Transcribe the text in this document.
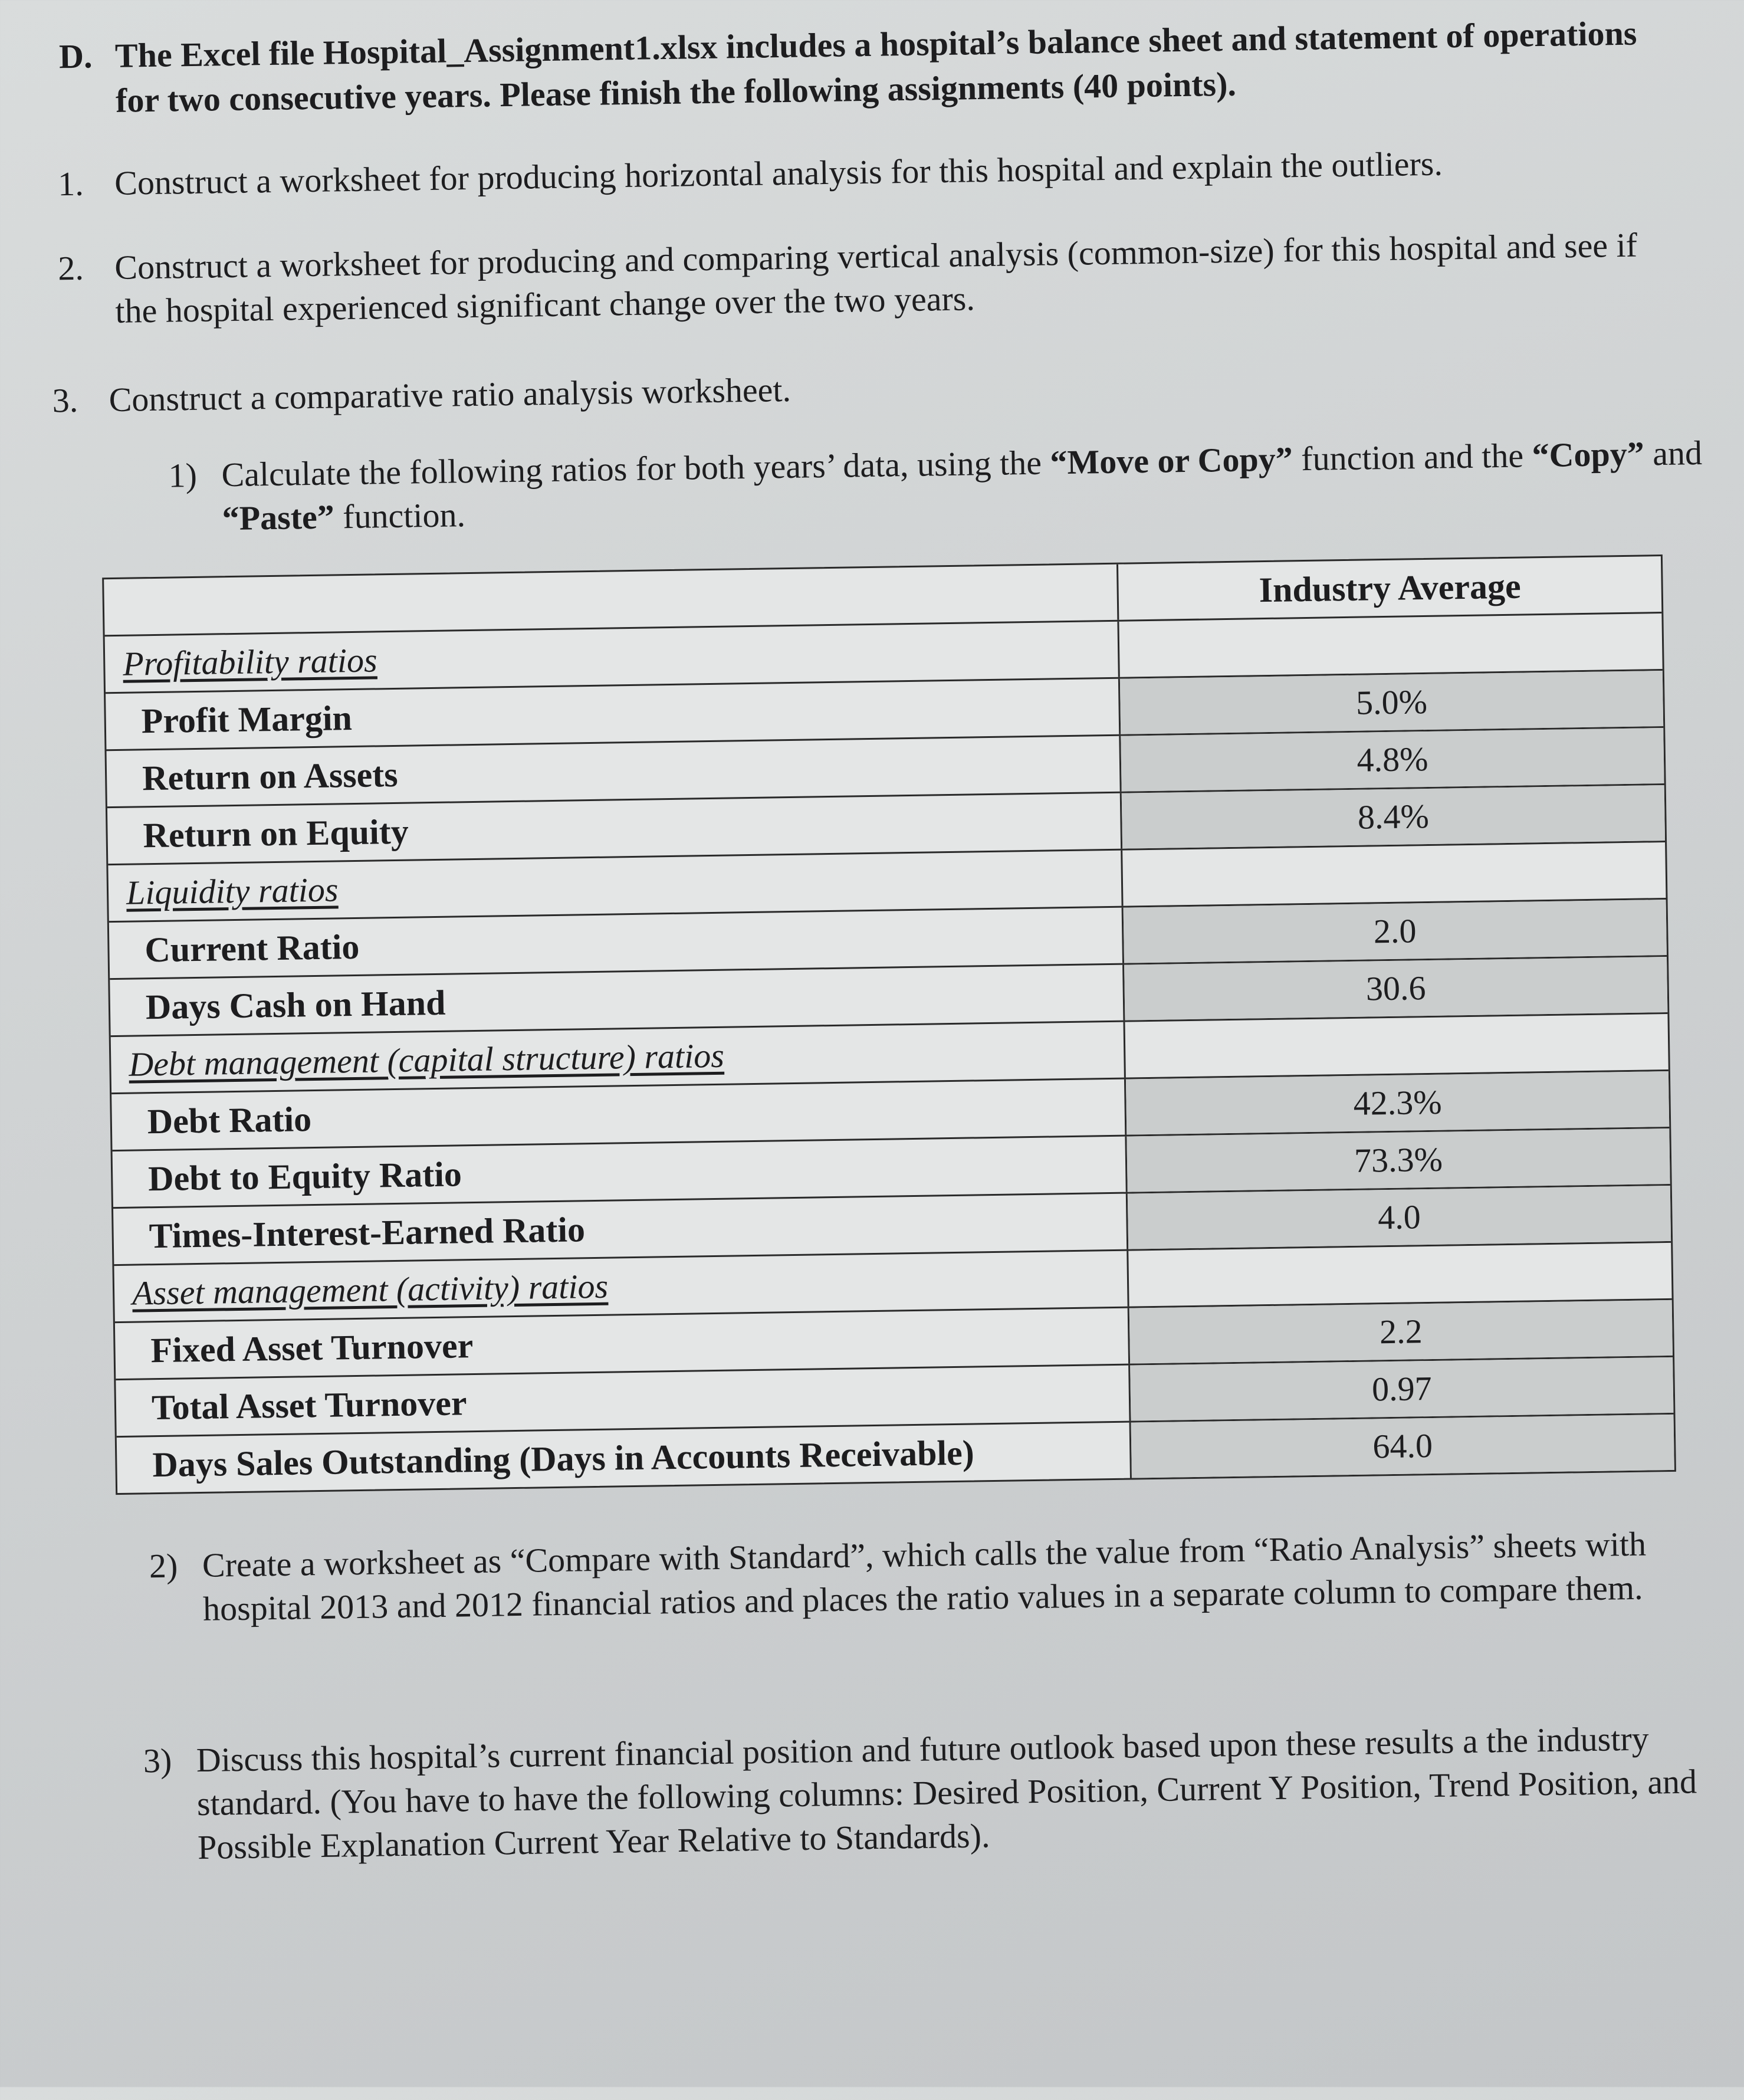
D. The Excel file Hospital_Assignment1.xlsx includes a hospital’s balance sheet and statement of operations for two consecutive years. Please finish the following assignments (40 points).
1. Construct a worksheet for producing horizontal analysis for this hospital and explain the outliers.
2. Construct a worksheet for producing and comparing vertical analysis (common-size) for this hospital and see if the hospital experienced significant change over the two years.
3. Construct a comparative ratio analysis worksheet.
1) Calculate the following ratios for both years’ data, using the “Move or Copy” function and the “Copy” and “Paste” function.
Industry Average
Profitability ratios
Profit Margin	5.0%
Return on Assets	4.8%
Return on Equity	8.4%
Liquidity ratios
Current Ratio	2.0
Days Cash on Hand	30.6
Debt management (capital structure) ratios
Debt Ratio	42.3%
Debt to Equity Ratio	73.3%
Times-Interest-Earned Ratio	4.0
Asset management (activity) ratios
Fixed Asset Turnover	2.2
Total Asset Turnover	0.97
Days Sales Outstanding (Days in Accounts Receivable)	64.0
2) Create a worksheet as “Compare with Standard”, which calls the value from “Ratio Analysis” sheets with hospital 2013 and 2012 financial ratios and places the ratio values in a separate column to compare them.
3) Discuss this hospital’s current financial position and future outlook based upon these results a the industry standard. (You have to have the following columns: Desired Position, Current Y Position, Trend Position, and Possible Explanation Current Year Relative to Standards).
